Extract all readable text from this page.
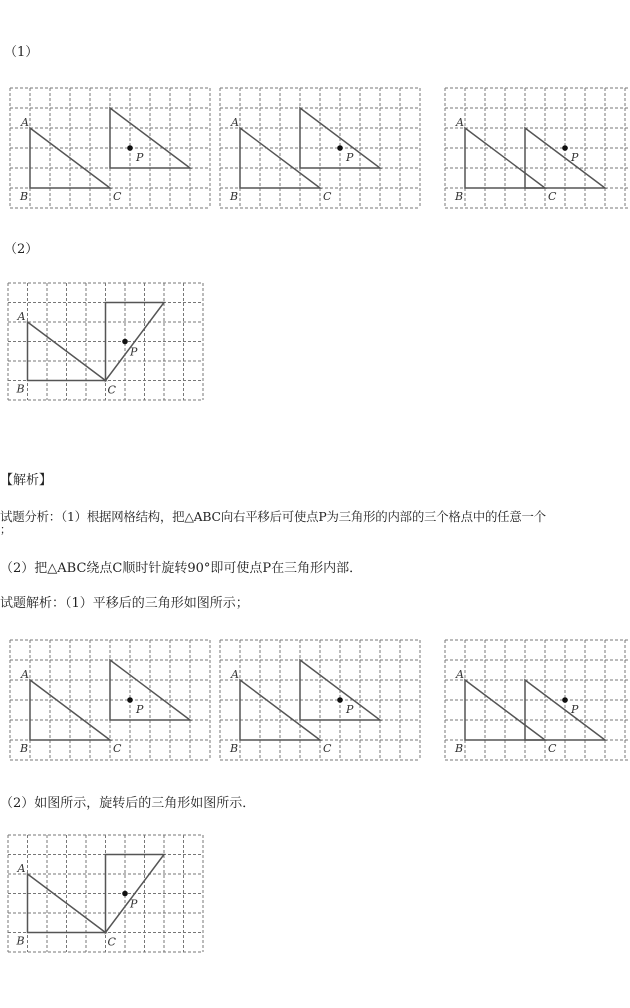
（1）
A
B	C
P
A
B	C
P
A
B	C
P
（2）
A
B	C
P
【解析】
试题分析：（1）根据网格结构，把△ABC向右平移后可使点P为三角形的内部的三个格点中的任意一个
；
（2）把△ABC绕点C顺时针旋转90°即可使点P在三角形内部．
试题解析：（1）平移后的三角形如图所示；
A
B	C
P
A
B	C
P
A
B	C
P
（2）如图所示，旋转后的三角形如图所示．
A
B	C
P
